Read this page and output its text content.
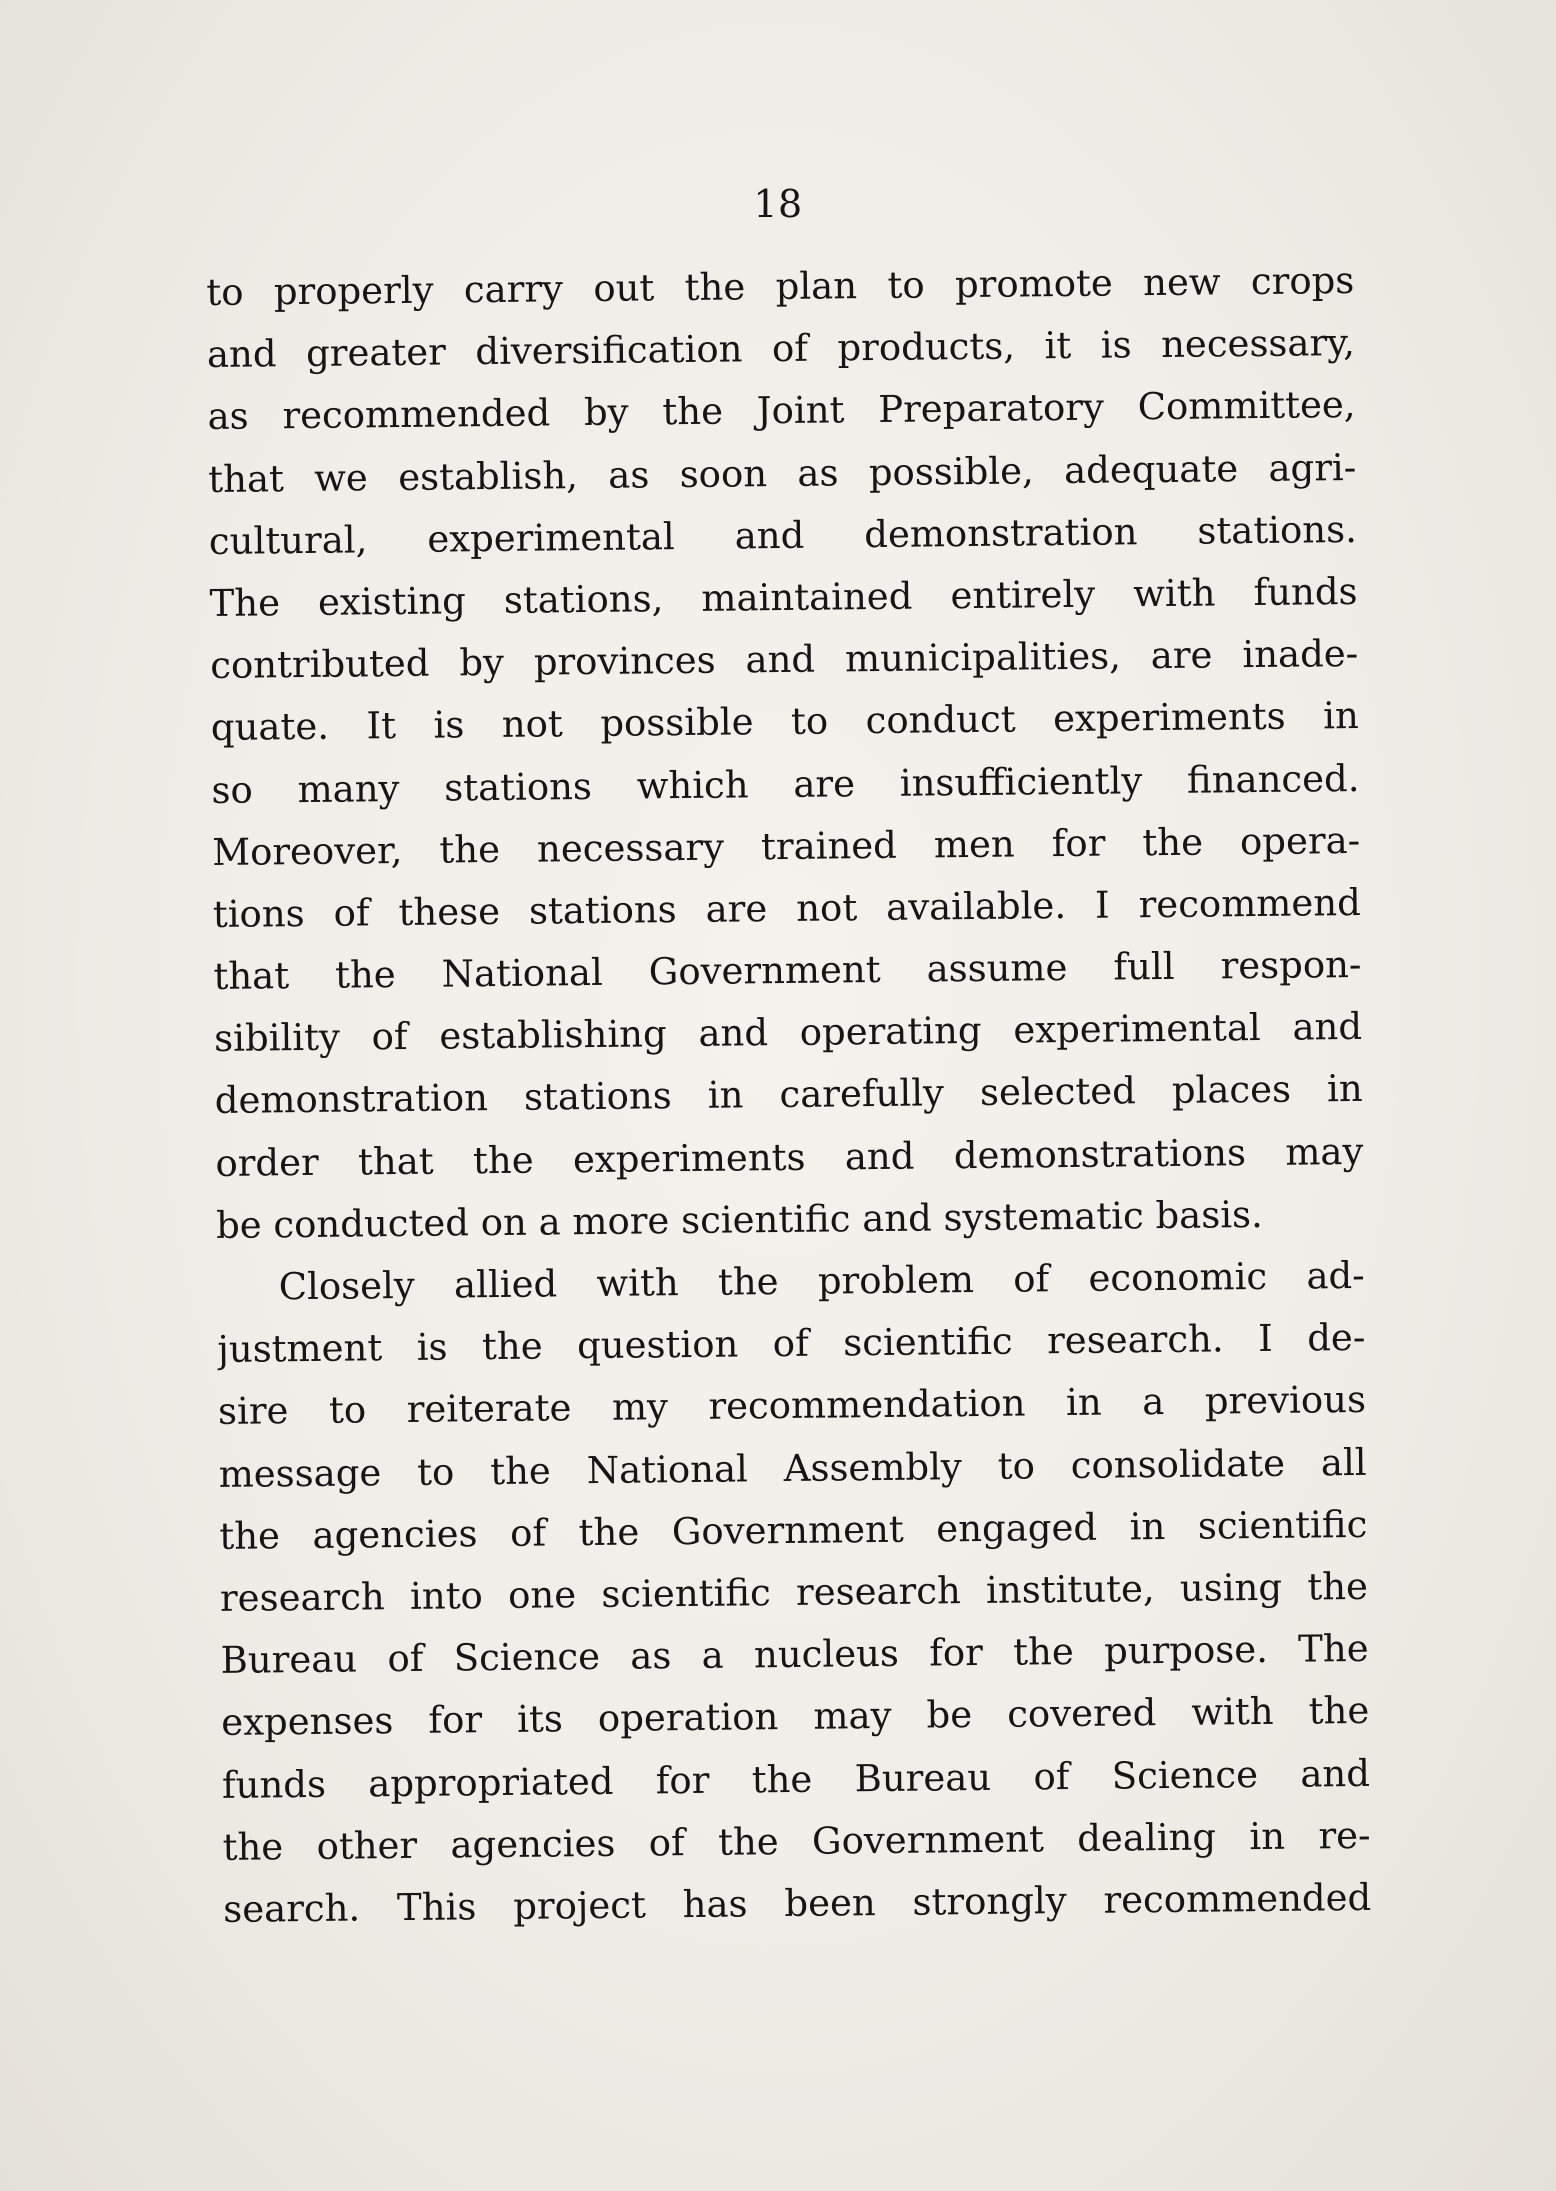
18
to properly carry out the plan to promote new crops
and greater diversification of products, it is necessary,
as recommended by the Joint Preparatory Committee,
that we establish, as soon as possible, adequate agri-
cultural, experimental and demonstration stations.
The existing stations, maintained entirely with funds
contributed by provinces and municipalities, are inade-
quate. It is not possible to conduct experiments in
so many stations which are insufficiently financed.
Moreover, the necessary trained men for the opera-
tions of these stations are not available. I recommend
that the National Government assume full respon-
sibility of establishing and operating experimental and
demonstration stations in carefully selected places in
order that the experiments and demonstrations may
be conducted on a more scientific and systematic basis.
Closely allied with the problem of economic ad-
justment is the question of scientific research. I de-
sire to reiterate my recommendation in a previous
message to the National Assembly to consolidate all
the agencies of the Government engaged in scientific
research into one scientific research institute, using the
Bureau of Science as a nucleus for the purpose. The
expenses for its operation may be covered with the
funds appropriated for the Bureau of Science and
the other agencies of the Government dealing in re-
search. This project has been strongly recommended
